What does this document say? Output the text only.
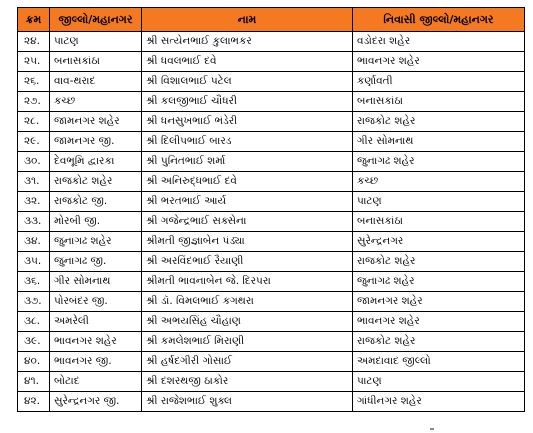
ક્રમ	જીલ્લો/મહાનગર	નામ	નિવાસી જીલ્લો/મહાનગર
૨૪.	પાટણ	શ્રી સત્યેનભાઈ કુલાભકર	વડોદરા શહેર
૨૫.	બનાસકાંઠા	શ્રી ધવલભાઈ દવે	ભાવનગર શહેર
૨૬.	વાવ-થરાદ	શ્રી વિશાલભાઈ પટેલ	કર્ણાવતી
૨૭.	કચ્છ	શ્રી કલજીભાઈ ચૌધરી	બનાસકાંઠા
૨૮.	જામનગર શહેર	શ્રી ધનસુખભાઈ ભંડેરી	રાજકોટ શહેર
૨૯.	જામનગર જી.	શ્રી દિલીપભાઈ બારડ	ગીર સોમનાથ
૩૦.	દેવભૂમિ દ્વારકા	શ્રી પુનિતભાઈ શર્મા	જુનાગઢ શહેર
૩૧.	રાજકોટ શહેર	શ્રી અનિરુદ્ધભાઈ દવે	કચ્છ
૩૨.	રાજકોટ જી.	શ્રી ભરતભાઈ આર્ય	પાટણ
૩૩.	મોરબી જી.	શ્રી ગજેન્દ્રભાઈ સક્સેના	બનાસકાંઠા
૩૪.	જુનાગઢ શહેર	શ્રીમતી જીજ્ઞાબેન પંડ્યા	સુરેન્દ્રનગર
૩૫.	જુનાગઢ જી.	શ્રી અરવિંદભાઈ રૈયાણી	રાજકોટ શહેર
૩૬.	ગીર સોમનાથ	શ્રીમતી ભાવનાબેન જે. દિરપરા	જુનાગઢ શહેર
૩૭.	પોરબંદર જી.	શ્રી ડૉ. વિમલભાઈ કગથરા	જામનગર શહેર
૩૮.	અમરેલી	શ્રી અભયસિંહ ચૌહાણ	ભાવનગર શહેર
૩૯.	ભાવનગર શહેર	શ્રી કમલેશભાઈ મિરાણી	રાજકોટ શહેર
૪૦.	ભાવનગર જી.	શ્રી હર્ષદગીરી ગોસાઈ	અમદાવાદ જીલ્લો
૪૧.	બોટાદ	શ્રી દશરથજી ઠાકોર	પાટણ
૪૨.	સુરેન્દ્રનગર જી.	શ્રી રાજેશભાઈ શુક્લ	ગાંધીનગર શહેર
